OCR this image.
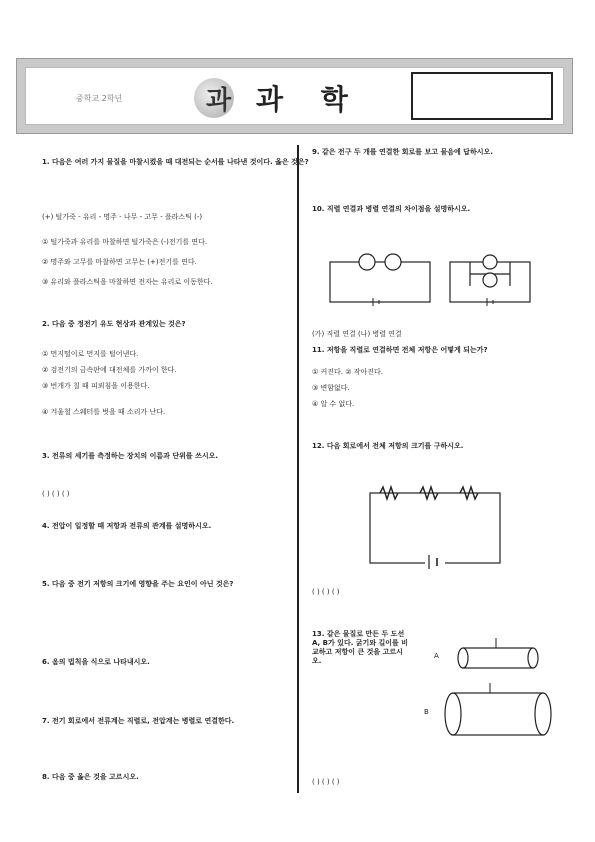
중학교 2학년	과 과 학
1. 다음은 여러 가지 물질을 마찰시켰을 때 대전되는 순서를 나타낸 것이다. 옳은 것은?
(+) 털가죽 - 유리 - 명주 - 나무 - 고무 - 플라스틱 (-)
① 털가죽과 유리를 마찰하면 털가죽은 (-)전기를 띤다.
② 명주와 고무를 마찰하면 고무는 (+)전기를 띤다.
③ 유리와 플라스틱을 마찰하면 전자는 유리로 이동한다.
2. 다음 중 정전기 유도 현상과 관계있는 것은?
① 먼지떨이로 먼지를 털어낸다.
② 검전기의 금속판에 대전체를 가까이 한다.
③ 번개가 칠 때 피뢰침을 이용한다.
④ 겨울철 스웨터를 벗을 때 소리가 난다.
3. 전류의 세기를 측정하는 장치의 이름과 단위를 쓰시오.
( ) ( ) ( )
4. 전압이 일정할 때 저항과 전류의 관계를 설명하시오.
5. 다음 중 전기 저항의 크기에 영향을 주는 요인이 아닌 것은?
6. 옴의 법칙을 식으로 나타내시오.
7. 전기 회로에서 전류계는 직렬로, 전압계는 병렬로 연결한다.
8. 다음 중 옳은 것을 고르시오.
9. 같은 전구 두 개를 연결한 회로를 보고 물음에 답하시오.
10. 직렬 연결과 병렬 연결의 차이점을 설명하시오.
(가) 직렬 연결 (나) 병렬 연결
11. 저항을 직렬로 연결하면 전체 저항은 어떻게 되는가?
① 커진다. ② 작아진다.
③ 변함없다.
④ 알 수 없다.
12. 다음 회로에서 전체 저항의 크기를 구하시오.
( ) ( ) ( )
13. 같은 물질로 만든 두 도선 A, B가 있다. 굵기와 길이를 비교하고 저항이 큰 것을 고르시오.
A
B
( ) ( ) ( )
